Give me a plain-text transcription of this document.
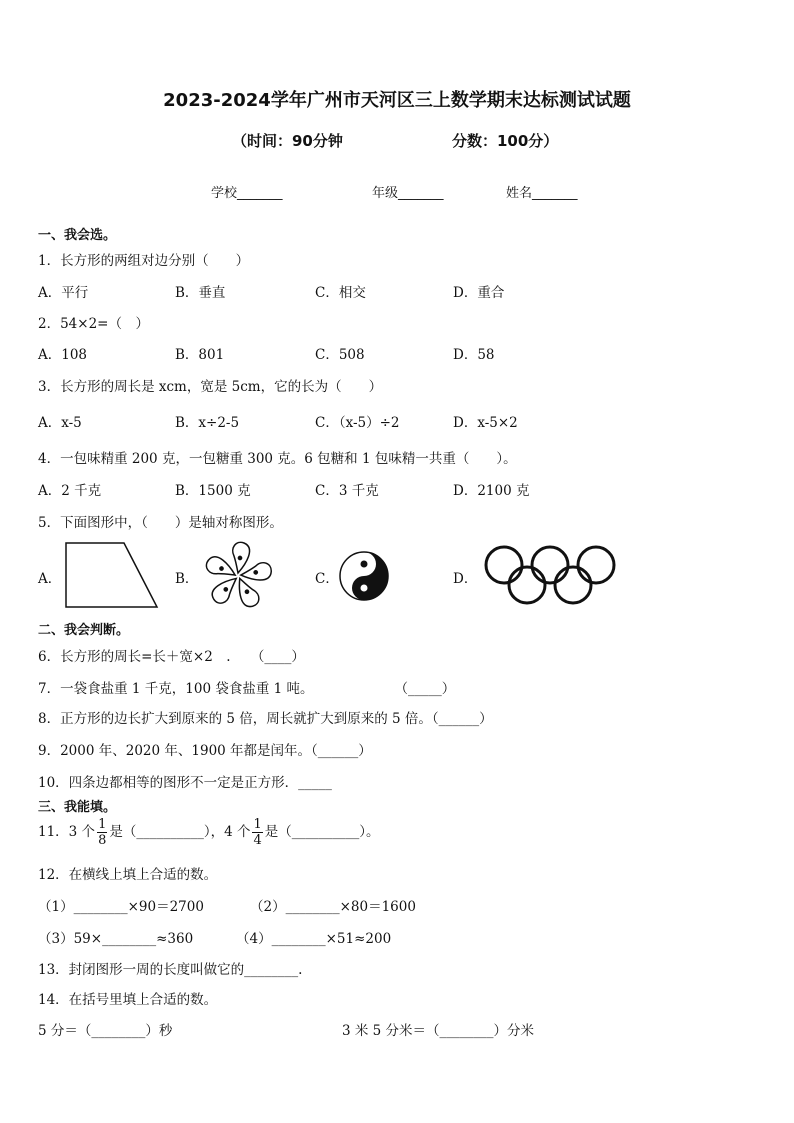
2023-2024学年广州市天河区三上数学期末达标测试试题
（时间：90分钟	分数：100分）
学校_______	年级_______	姓名_______
一、我会选。
1．长方形的两组对边分别（　　）
A．平行	B．垂直	C．相交	D．重合
2．54×2=（　）
A．108	B．801	C．508	D．58
3．长方形的周长是 xcm，宽是 5cm，它的长为（　　）
A．x-5	B．x÷2-5	C．（x-5）÷2	D．x-5×2
4．一包味精重 200 克，一包糖重 300 克。6 包糖和 1 包味精一共重（　　）。
A．2 千克	B．1500 克	C．3 千克	D．2100 克
5．下面图形中，（　　）是轴对称图形。
A．	B．	C．	D．
二、我会判断。
6．长方形的周长=长＋宽×2　.　　（____）
7．一袋食盐重 1 千克，100 袋食盐重 1 吨。　　　　　　　（_____）
8．正方形的边长扩大到原来的 5 倍，周长就扩大到原来的 5 倍。（______）
9．2000 年、2020 年、1900 年都是闰年。（______）
10．四条边都相等的图形不一定是正方形．_____
三、我能填。
11．3 个 $\frac{1}{8}$ 是（__________），4 个 $\frac{1}{4}$ 是（__________）。
12．在横线上填上合适的数。
（1）________×90＝2700	（2）________×80＝1600
（3）59×________≈360	（4）________×51≈200
13．封闭图形一周的长度叫做它的________.
14．在括号里填上合适的数。
5 分＝（________）秒	3 米 5 分米＝（________）分米
